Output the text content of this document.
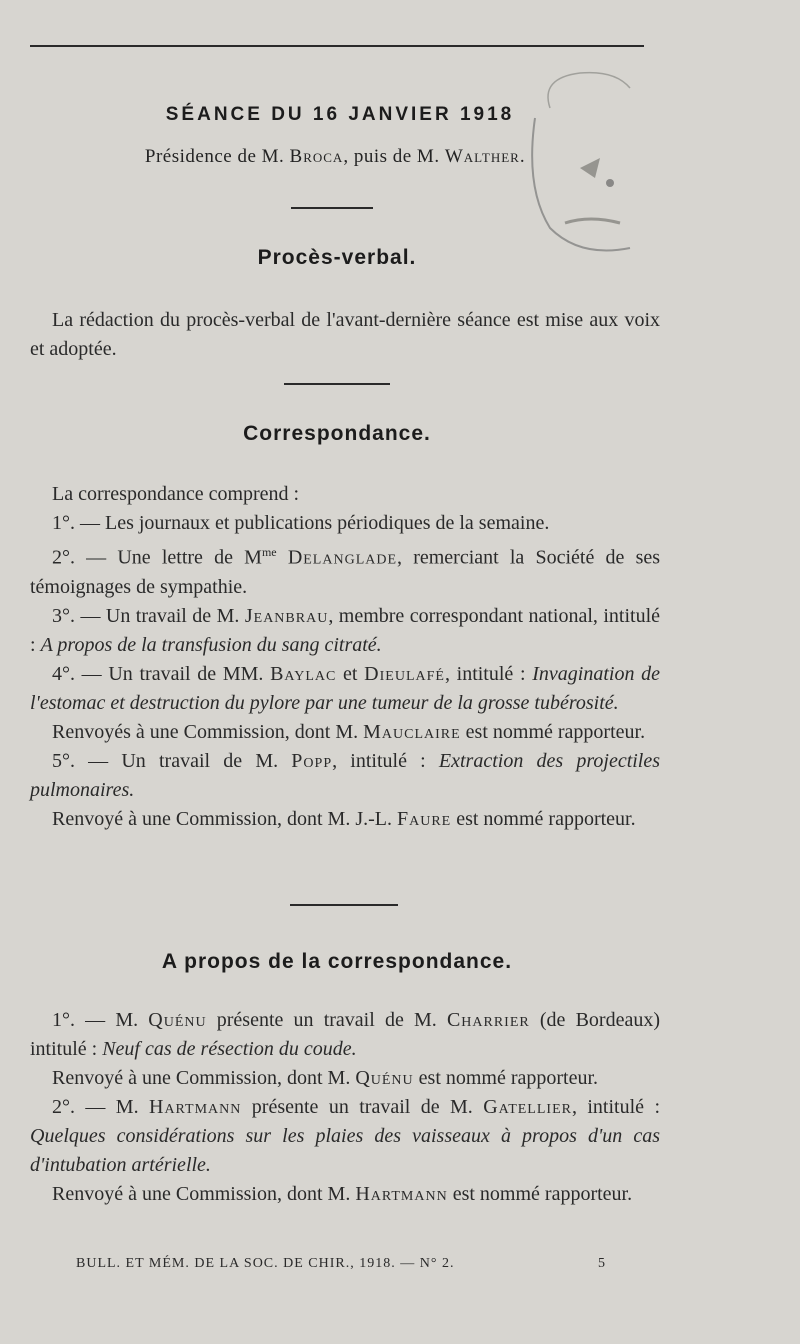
SÉANCE DU 16 JANVIER 1918
Présidence de M. Broca, puis de M. Walther.
Procès-verbal.

La rédaction du procès-verbal de l'avant-dernière séance est mise aux voix et adoptée.

Correspondance.

La correspondance comprend :

1°. — Les journaux et publications périodiques de la semaine.

2°. — Une lettre de $M^{me}$ Delanglade, remerciant la Société de ses témoignages de sympathie.

3°. — Un travail de M. Jeanbrau, membre correspondant national, intitulé : A propos de la transfusion du sang citraté.

4°. — Un travail de MM. Baylac et Dieulafé, intitulé : Invagination de l'estomac et destruction du pylore par une tumeur de la grosse tubérosité.

Renvoyés à une Commission, dont M. Mauclaire est nommé rapporteur.

5°. — Un travail de M. Popp, intitulé : Extraction des projectiles pulmonaires.

Renvoyé à une Commission, dont M. J.-L. Faure est nommé rapporteur.

A propos de la correspondance.

1°. — M. Quénu présente un travail de M. Charrier (de Bordeaux) intitulé : Neuf cas de résection du coude.

Renvoyé à une Commission, dont M. Quénu est nommé rapporteur.

2°. — M. Hartmann présente un travail de M. Gatellier, intitulé : Quelques considérations sur les plaies des vaisseaux à propos d'un cas d'intubation artérielle.

Renvoyé à une Commission, dont M. Hartmann est nommé rapporteur.

BULL. ET MÉM. DE LA SOC. DE CHIR., 1918. — N° 2.	5
